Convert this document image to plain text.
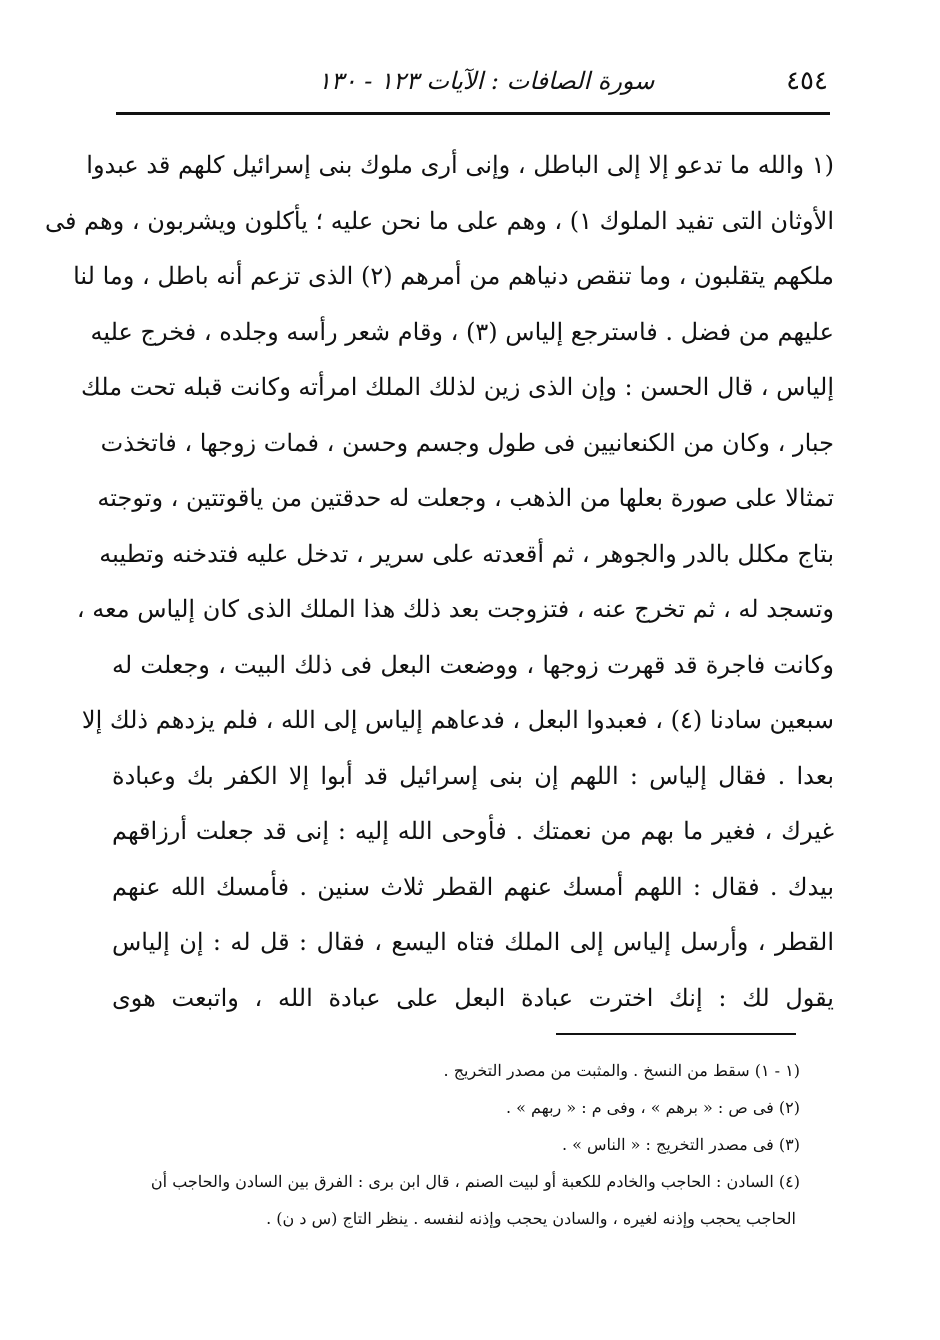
٤٥٤
سورة الصافات : الآيات ١٢٣ - ١٣٠
(١ والله ما تدعو إلا إلى الباطل ، وإنى أرى ملوك بنى إسرائيل كلهم قد عبدوا
الأوثان التى تفيد الملوك ١) ، وهم على ما نحن عليه ؛ يأكلون ويشربون ، وهم فى
ملكهم يتقلبون ، وما تنقص دنياهم من أمرهم (٢) الذى تزعم أنه باطل ، وما لنا
عليهم من فضل . فاسترجع إلياس (٣) ، وقام شعر رأسه وجلده ، فخرج عليه
إلياس ، قال الحسن : وإن الذى زين لذلك الملك امرأته وكانت قبله تحت ملك
جبار ، وكان من الكنعانيين فى طول وجسم وحسن ، فمات زوجها ، فاتخذت
تمثالا على صورة بعلها من الذهب ، وجعلت له حدقتين من ياقوتتين ، وتوجته
بتاج مكلل بالدر والجوهر ، ثم أقعدته على سرير ، تدخل عليه فتدخنه وتطيبه
وتسجد له ، ثم تخرج عنه ، فتزوجت بعد ذلك هذا الملك الذى كان إلياس معه ،
وكانت فاجرة قد قهرت زوجها ، ووضعت البعل فى ذلك البيت ، وجعلت له
سبعين سادنا (٤) ، فعبدوا البعل ، فدعاهم إلياس إلى الله ، فلم يزدهم ذلك إلا
بعدا . فقال إلياس : اللهم إن بنى إسرائيل قد أبوا إلا الكفر بك وعبادة
غيرك ، فغير ما بهم من نعمتك . فأوحى الله إليه : إنى قد جعلت أرزاقهم
بيدك . فقال : اللهم أمسك عنهم القطر ثلاث سنين . فأمسك الله عنهم
القطر ، وأرسل إلياس إلى الملك فتاه اليسع ، فقال : قل له : إن إلياس
يقول لك : إنك اخترت عبادة البعل على عبادة الله ، واتبعت هوى
(١ - ١) سقط من النسخ . والمثبت من مصدر التخريج .
(٢) فى ص : « برهم » ، وفى م : « ربهم » .
(٣) فى مصدر التخريج : « الناس » .
(٤) السادن : الحاجب والخادم للكعبة أو لبيت الصنم ، قال ابن برى : الفرق بين السادن والحاجب أن
الحاجب يحجب وإذنه لغيره ، والسادن يحجب وإذنه لنفسه . ينظر التاج (س د ن) .
